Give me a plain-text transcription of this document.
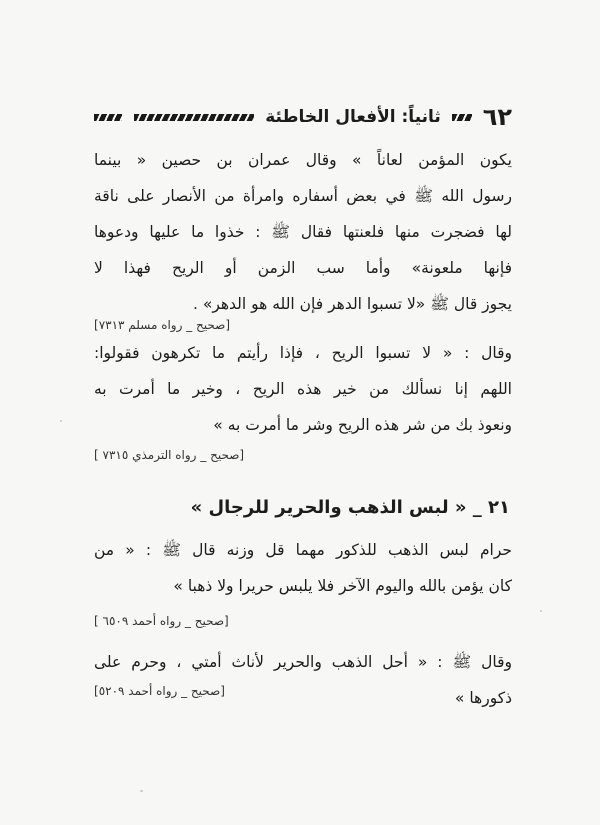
٦٢
ثانياً: الأفعال الخاطئة

يكون المؤمن لعاناً » وقال عمران بن حصين « بينما

رسول الله ﷺ في بعض أسفاره وامرأة من الأنصار على ناقة

لها فضجرت منها فلعنتها فقال ﷺ : خذوا ما عليها ودعوها

فإنها ملعونة» وأما سب الزمن أو الريح فهذا لا

يجوز قال ﷺ «لا تسبوا الدهر فإن الله هو الدهر» .

[صحيح _ رواه مسلم ٧٣١٣]

وقال : « لا تسبوا الريح ، فإذا رأيتم ما تكرهون فقولوا:

اللهم إنا نسألك من خير هذه الريح ، وخير ما أمرت به

ونعوذ بك من شر هذه الريح وشر ما أمرت به »

[صحيح _ رواه الترمذي ٧٣١٥ ]
٢١ _ « لبس الذهب والحرير للرجال »

حرام لبس الذهب للذكور مهما قل وزنه قال ﷺ : « من

كان يؤمن بالله واليوم الآخر فلا يلبس حريرا ولا ذهبا »

[صحيح _ رواه أحمد ٦٥٠٩ ]

وقال ﷺ : « أحل الذهب والحرير لأناث أمتي ، وحرم على

ذكورها »

[صحيح _ رواه أحمد ٥٢٠٩]
